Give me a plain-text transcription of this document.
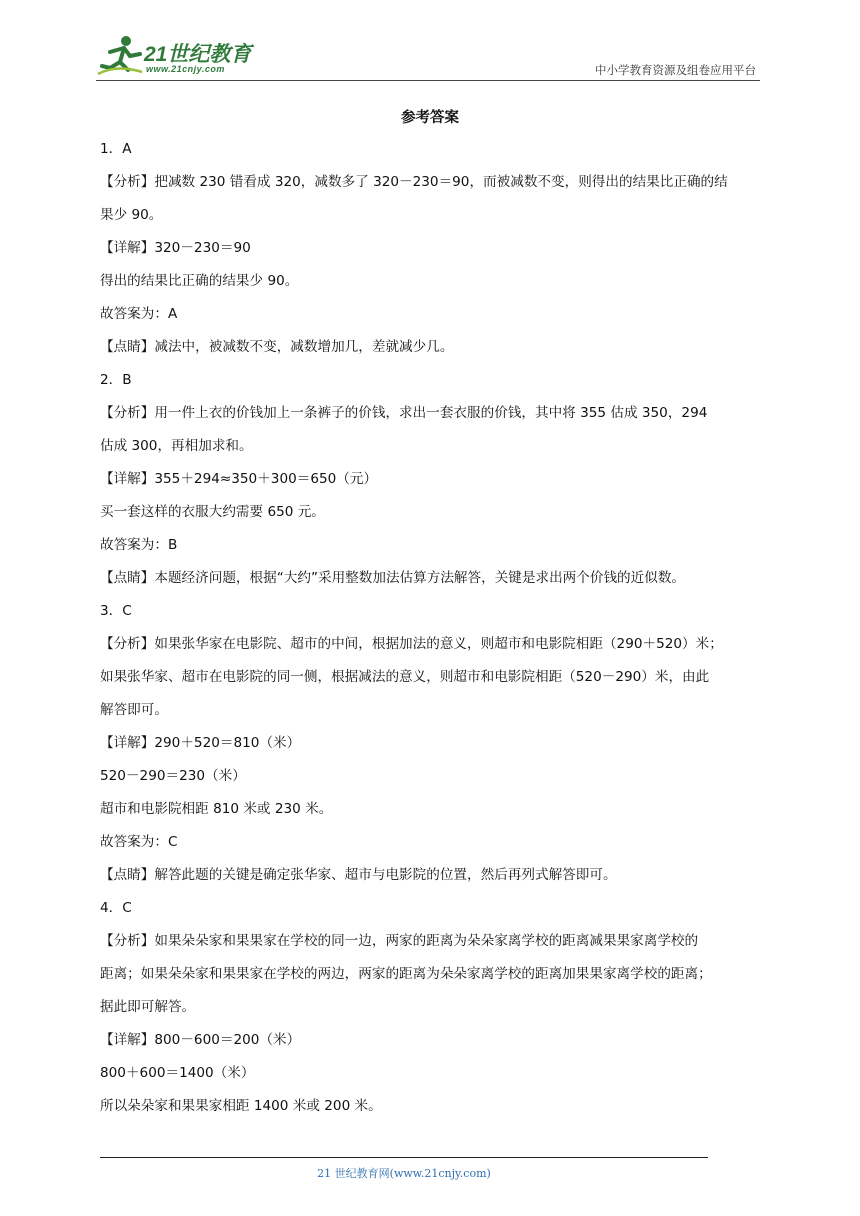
21世纪教育
www.21cnjy.com	中小学教育资源及组卷应用平台
参考答案
1．A
【分析】把减数 230 错看成 320，减数多了 320－230＝90，而被减数不变，则得出的结果比正确的结
果少 90。
【详解】320－230＝90
得出的结果比正确的结果少 90。
故答案为：A
【点睛】减法中，被减数不变，减数增加几，差就减少几。
2．B
【分析】用一件上衣的价钱加上一条裤子的价钱，求出一套衣服的价钱，其中将 355 估成 350，294
估成 300，再相加求和。
【详解】355＋294≈350＋300＝650（元）
买一套这样的衣服大约需要 650 元。
故答案为：B
【点睛】本题经济问题，根据“大约”采用整数加法估算方法解答，关键是求出两个价钱的近似数。
3．C
【分析】如果张华家在电影院、超市的中间，根据加法的意义，则超市和电影院相距（290＋520）米；
如果张华家、超市在电影院的同一侧，根据减法的意义，则超市和电影院相距（520－290）米，由此
解答即可。
【详解】290＋520＝810（米）
520－290＝230（米）
超市和电影院相距 810 米或 230 米。
故答案为：C
【点睛】解答此题的关键是确定张华家、超市与电影院的位置，然后再列式解答即可。
4．C
【分析】如果朵朵家和果果家在学校的同一边，两家的距离为朵朵家离学校的距离减果果家离学校的
距离；如果朵朵家和果果家在学校的两边，两家的距离为朵朵家离学校的距离加果果家离学校的距离；
据此即可解答。
【详解】800－600＝200（米）
800＋600＝1400（米）
所以朵朵家和果果家相距 1400 米或 200 米。
21 世纪教育网(www.21cnjy.com)
